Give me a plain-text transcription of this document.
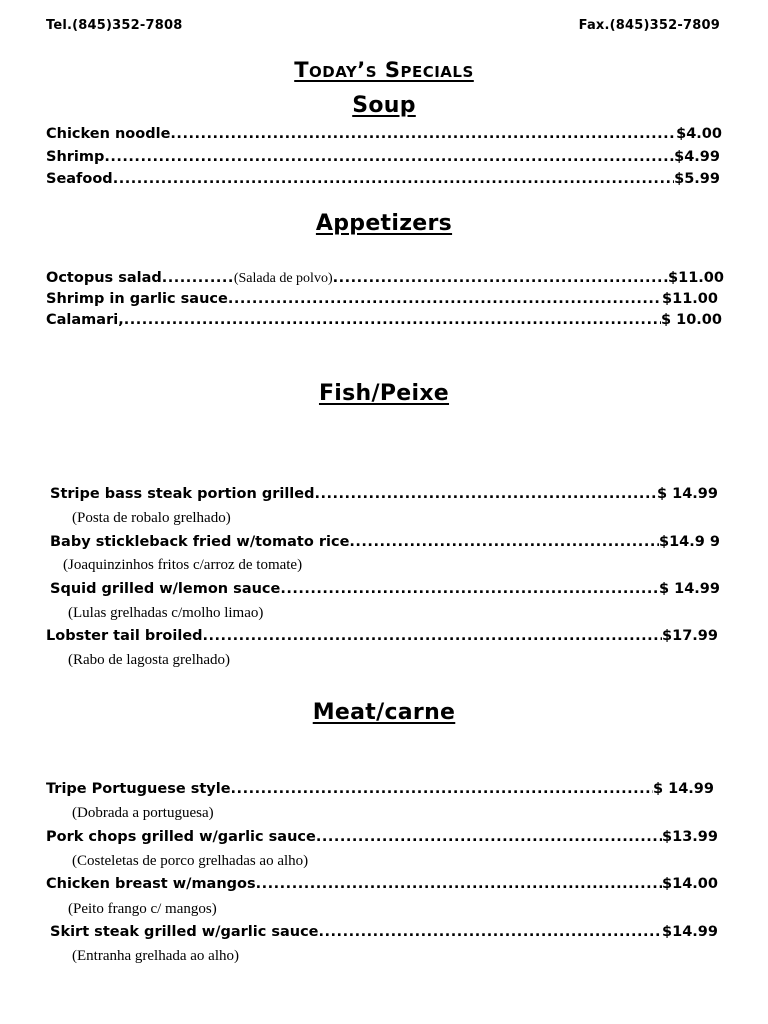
Tel.(845)352-7808	Fax.(845)352-7809
Today’s Specials
Soup
Chicken noodle .....	$4.00
Shrimp .....	$4.99
Seafood .....	$5.99
Appetizers
Octopus salad .....	(Salada de polvo) .....	$11.00
Shrimp in garlic sauce .....	$11.00
Calamari, .....	$ 10.00
Fish/Peixe
Stripe bass steak portion grilled .....	$ 14.99
(Posta de robalo grelhado)
Baby stickleback fried w/tomato rice .....	$14.9 9
(Joaquinzinhos fritos c/arroz de tomate)
Squid grilled w/lemon sauce .....	$ 14.99
(Lulas grelhadas c/molho limao)
Lobster tail broiled .....	$17.99
(Rabo de lagosta grelhado)
Meat/carne
Tripe Portuguese style .....	$ 14.99
(Dobrada a portuguesa)
Pork chops grilled w/garlic sauce .....	$13.99
(Costeletas de porco grelhadas ao alho)
Chicken breast w/mangos .....	$14.00
(Peito frango c/ mangos)
Skirt steak grilled w/garlic sauce .....	$14.99
(Entranha grelhada ao alho)
